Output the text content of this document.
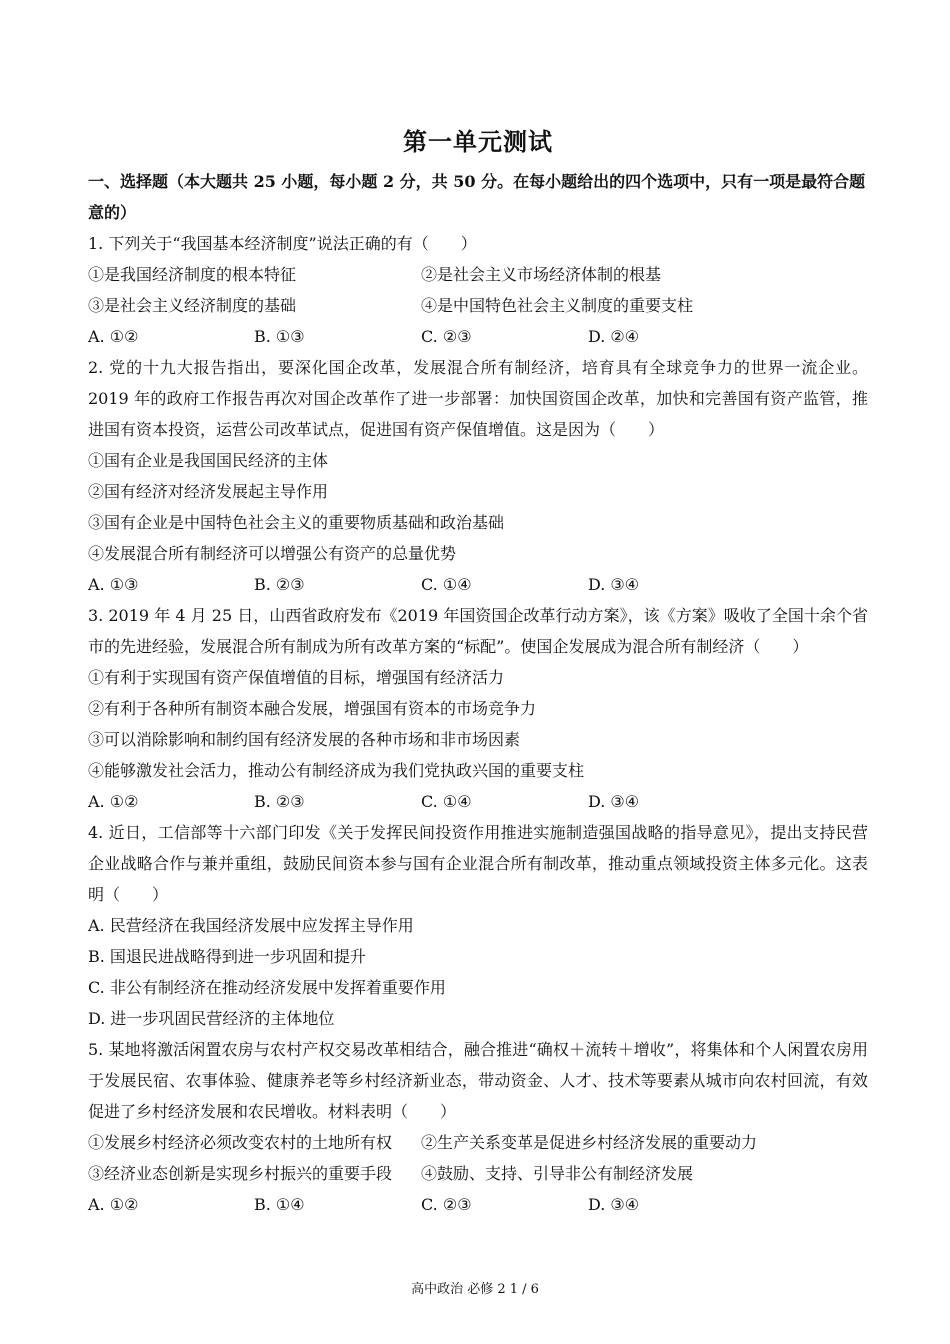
第一单元测试
一、选择题（本大题共 25 小题，每小题 2 分，共 50 分。在每小题给出的四个选项中，只有一项是最符合题意的）
1. 下列关于“我国基本经济制度”说法正确的有（　　）
①是我国经济制度的根本特征	②是社会主义市场经济体制的根基
③是社会主义经济制度的基础	④是中国特色社会主义制度的重要支柱
A. ①②	B. ①③	C. ②③	D. ②④
2. 党的十九大报告指出，要深化国企改革，发展混合所有制经济，培育具有全球竞争力的世界一流企业。2019 年的政府工作报告再次对国企改革作了进一步部署：加快国资国企改革，加快和完善国有资产监管，推进国有资本投资，运营公司改革试点，促进国有资产保值增值。这是因为（　　）
①国有企业是我国国民经济的主体
②国有经济对经济发展起主导作用
③国有企业是中国特色社会主义的重要物质基础和政治基础
④发展混合所有制经济可以增强公有资产的总量优势
A. ①③	B. ②③	C. ①④	D. ③④
3. 2019 年 4 月 25 日，山西省政府发布《2019 年国资国企改革行动方案》，该《方案》吸收了全国十余个省市的先进经验，发展混合所有制成为所有改革方案的“标配”。使国企发展成为混合所有制经济（　　）
①有利于实现国有资产保值增值的目标，增强国有经济活力
②有利于各种所有制资本融合发展，增强国有资本的市场竞争力
③可以消除影响和制约国有经济发展的各种市场和非市场因素
④能够激发社会活力，推动公有制经济成为我们党执政兴国的重要支柱
A. ①②	B. ②③	C. ①④	D. ③④
4. 近日，工信部等十六部门印发《关于发挥民间投资作用推进实施制造强国战略的指导意见》，提出支持民营企业战略合作与兼并重组，鼓励民间资本参与国有企业混合所有制改革，推动重点领域投资主体多元化。这表明（　　）
A. 民营经济在我国经济发展中应发挥主导作用
B. 国退民进战略得到进一步巩固和提升
C. 非公有制经济在推动经济发展中发挥着重要作用
D. 进一步巩固民营经济的主体地位
5. 某地将激活闲置农房与农村产权交易改革相结合，融合推进“确权＋流转＋增收”，将集体和个人闲置农房用于发展民宿、农事体验、健康养老等乡村经济新业态，带动资金、人才、技术等要素从城市向农村回流，有效促进了乡村经济发展和农民增收。材料表明（　　）
①发展乡村经济必须改变农村的土地所有权 ②生产关系变革是促进乡村经济发展的重要动力
③经济业态创新是实现乡村振兴的重要手段 ④鼓励、支持、引导非公有制经济发展
A. ①②	B. ①④	C. ②③	D. ③④
高中政治 必修 2 1 / 6
